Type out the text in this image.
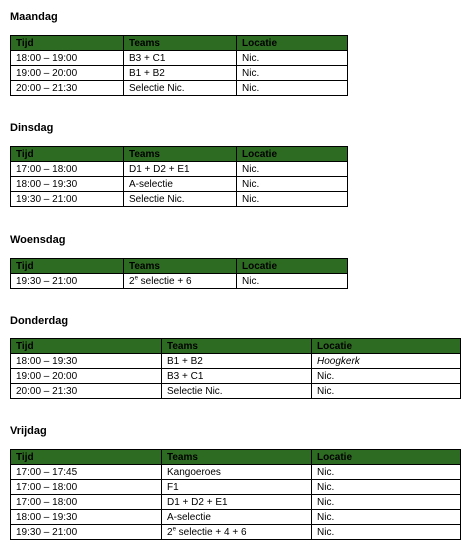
Maandag
Tijd	Teams	Locatie
18:00 – 19:00	B3 + C1	Nic.
19:00 – 20:00	B1 + B2	Nic.
20:00 – 21:30	Selectie Nic.	Nic.
Dinsdag
Tijd	Teams	Locatie
17:00 – 18:00	D1 + D2 + E1	Nic.
18:00 – 19:30	A-selectie	Nic.
19:30 – 21:00	Selectie Nic.	Nic.
Woensdag
Tijd	Teams	Locatie
19:30 – 21:00	2e selectie + 6	Nic.
Donderdag
Tijd	Teams	Locatie
18:00 – 19:30	B1 + B2	Hoogkerk
19:00 – 20:00	B3 + C1	Nic.
20:00 – 21:30	Selectie Nic.	Nic.
Vrijdag
Tijd	Teams	Locatie
17:00 – 17:45	Kangoeroes	Nic.
17:00 – 18:00	F1	Nic.
17:00 – 18:00	D1 + D2 + E1	Nic.
18:00 – 19:30	A-selectie	Nic.
19:30 – 21:00	2e selectie + 4 + 6	Nic.
